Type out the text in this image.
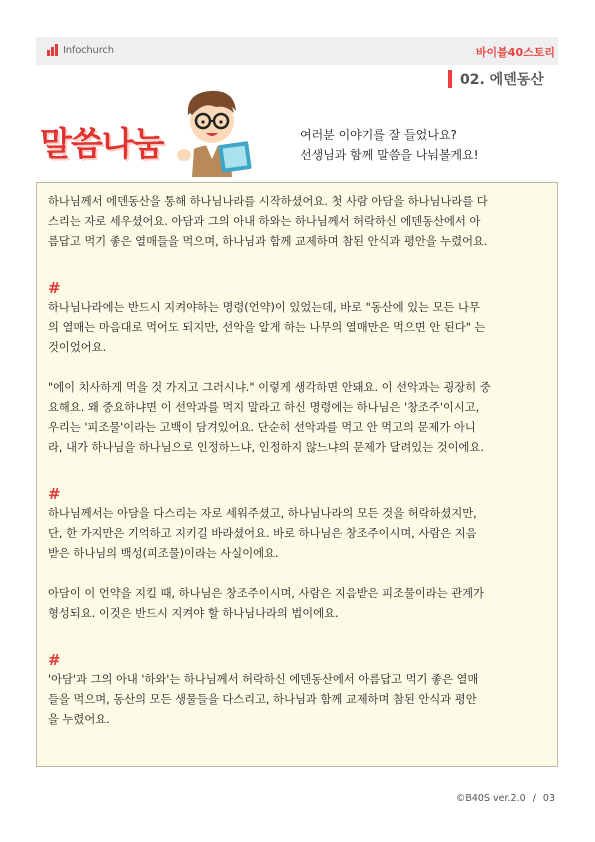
Infochurch	바이블40스토리
02. 에덴동산
말씀나눔	여러분 이야기를 잘 들었나요?
선생님과 함께 말씀을 나눠볼게요!

하나님께서 에덴동산을 통해 하나님나라를 시작하셨어요. 첫 사람 아담을 하나님나라를 다

스리는 자로 세우셨어요. 아담과 그의 아내 하와는 하나님께서 허락하신 에덴동산에서 아

름답고 먹기 좋은 열매들을 먹으며, 하나님과 함께 교제하며 참된 안식과 평안을 누렸어요.

#

하나님나라에는 반드시 지켜야하는 명령(언약)이 있었는데, 바로 "동산에 있는 모든 나무

의 열매는 마음대로 먹어도 되지만, 선악을 알게 하는 나무의 열매만은 먹으면 안 된다" 는

것이었어요.

"에이 치사하게 먹을 것 가지고 그러시냐." 이렇게 생각하면 안돼요. 이 선악과는 굉장히 중

요해요. 왜 중요하냐면 이 선악과를 먹지 말라고 하신 명령에는 하나님은 '창조주'이시고,

우리는 '피조물'이라는 고백이 담겨있어요. 단순히 선악과를 먹고 안 먹고의 문제가 아니

라, 내가 하나님을 하나님으로 인정하느냐, 인정하지 않느냐의 문제가 달려있는 것이에요.

#

하나님께서는 아담을 다스리는 자로 세워주셨고, 하나님나라의 모든 것을 허락하셨지만,

단, 한 가지만은 기억하고 지키길 바라셨어요. 바로 하나님은 창조주이시며, 사람은 지음

받은 하나님의 백성(피조물)이라는 사실이에요.

아담이 이 언약을 지킬 때, 하나님은 창조주이시며, 사람은 지음받은 피조물이라는 관계가

형성되요. 이것은 반드시 지켜야 할 하나님나라의 법이에요.

#

'아담'과 그의 아내 '하와'는 하나님께서 허락하신 에덴동산에서 아름답고 먹기 좋은 열매

들을 먹으며, 동산의 모든 생물들을 다스리고, 하나님과 함께 교제하며 참된 안식과 평안

을 누렸어요.

©B40S ver.2.0 / 03
